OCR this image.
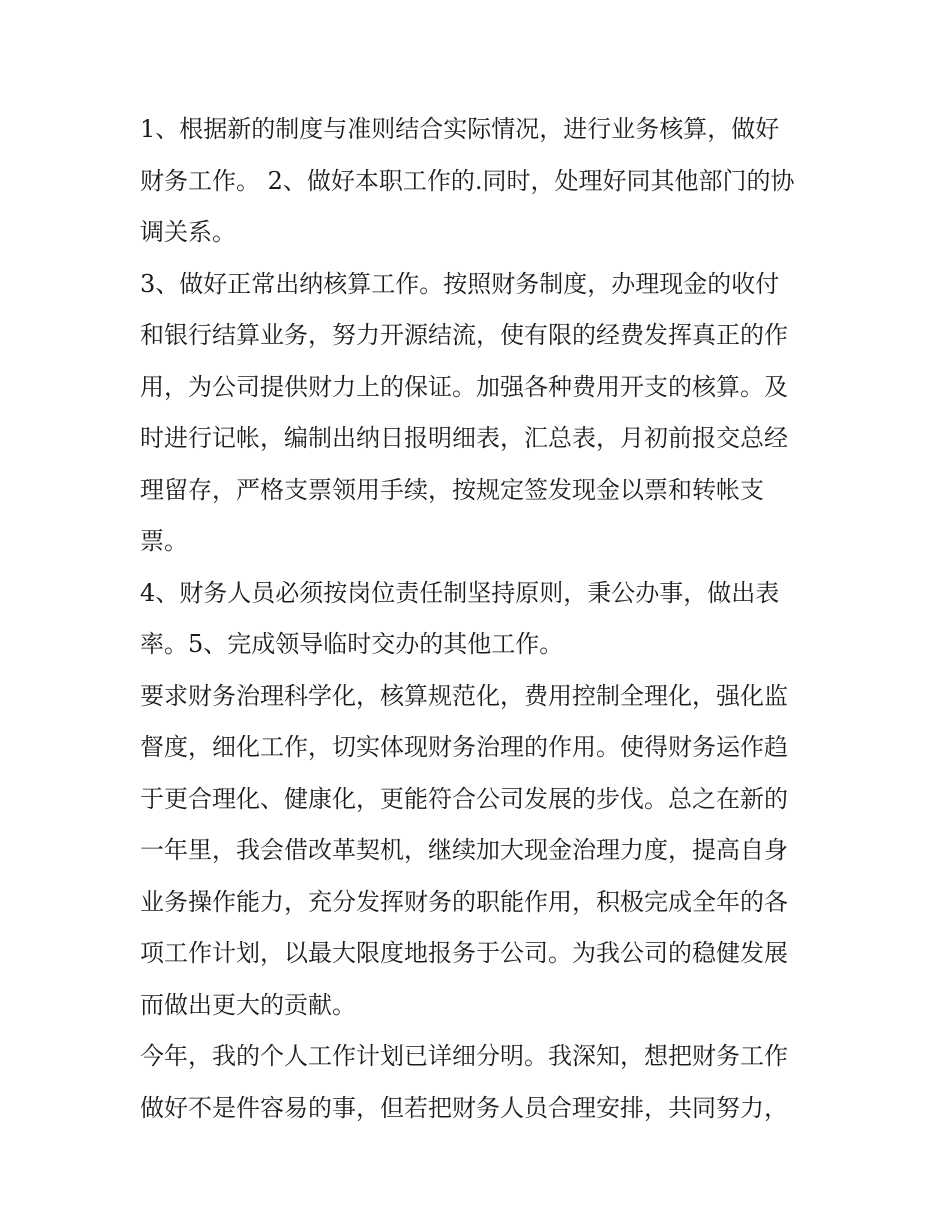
1、根据新的制度与准则结合实际情况，进行业务核算，做好
财务工作。 2、做好本职工作的.同时，处理好同其他部门的协
调关系。
3、做好正常出纳核算工作。按照财务制度，办理现金的收付
和银行结算业务，努力开源结流，使有限的经费发挥真正的作
用，为公司提供财力上的保证。加强各种费用开支的核算。及
时进行记帐，编制出纳日报明细表，汇总表，月初前报交总经
理留存，严格支票领用手续，按规定签发现金以票和转帐支
票。
4、财务人员必须按岗位责任制坚持原则，秉公办事，做出表
率。5、完成领导临时交办的其他工作。
要求财务治理科学化，核算规范化，费用控制全理化，强化监
督度，细化工作，切实体现财务治理的作用。使得财务运作趋
于更合理化、健康化，更能符合公司发展的步伐。总之在新的
一年里，我会借改革契机，继续加大现金治理力度，提高自身
业务操作能力，充分发挥财务的职能作用，积极完成全年的各
项工作计划，以最大限度地报务于公司。为我公司的稳健发展
而做出更大的贡献。
今年，我的个人工作计划已详细分明。我深知，想把财务工作
做好不是件容易的事，但若把财务人员合理安排，共同努力，
